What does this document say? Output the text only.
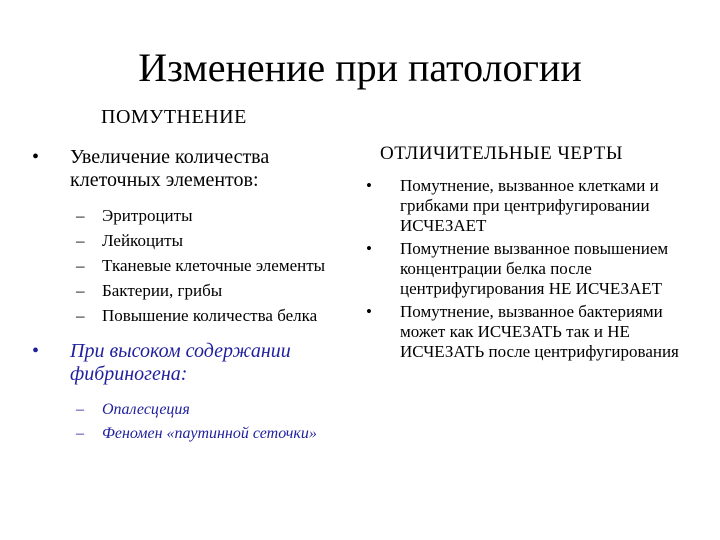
Изменение при патологии
ПОМУТНЕНИЕ
•	Увеличение количества клеточных элементов:
– Эритроциты
– Лейкоциты
– Тканевые клеточные элементы
– Бактерии, грибы
– Повышение количества белка
•	При высоком содержании фибриногена:
– Опалесцеция
– Феномен «паутинной сеточки»
ОТЛИЧИТЕЛЬНЫЕ ЧЕРТЫ
• Помутнение, вызванное клетками и грибками при центрифугировании ИСЧЕЗАЕТ
• Помутнение вызванное повышением концентрации белка после центрифугирования НЕ ИСЧЕЗАЕТ
• Помутнение, вызванное бактериями может как ИСЧЕЗАТЬ так и НЕ ИСЧЕЗАТЬ после центрифугирования
